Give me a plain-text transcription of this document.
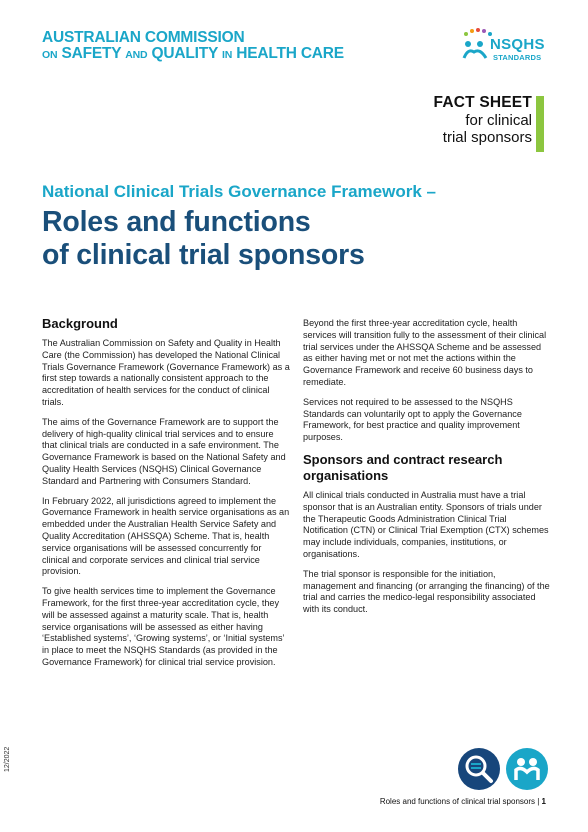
AUSTRALIAN COMMISSION
ON SAFETY AND QUALITY IN HEALTH CARE
NSQHS
STANDARDS
FACT SHEET
for clinical
trial sponsors
National Clinical Trials Governance Framework –
Roles and functions
of clinical trial sponsors
Background

The Australian Commission on Safety and Quality in Health Care (the Commission) has developed the National Clinical Trials Governance Framework (Governance Framework) as a first step towards a nationally consistent approach to the accreditation of health services for the conduct of clinical trials.

The aims of the Governance Framework are to support the delivery of high-quality clinical trial services and to ensure that clinical trials are conducted in a safe environment. The Governance Framework is based on the National Safety and Quality Health Services (NSQHS) Clinical Governance Standard and Partnering with Consumers Standard.

In February 2022, all jurisdictions agreed to implement the Governance Framework in health service organisations as an embedded under the Australian Health Service Safety and Quality Accreditation (AHSSQA) Scheme. That is, health service organisations will be assessed concurrently for clinical and corporate services and clinical trial service provision.

To give health services time to implement the Governance Framework, for the first three-year accreditation cycle, they will be assessed against a maturity scale. That is, health service organisations will be assessed as either having ‘Established systems’, ‘Growing systems’, or ‘Initial systems’ in place to meet the NSQHS Standards (as provided in the Governance Framework) for clinical trial service provision.

Beyond the first three-year accreditation cycle, health services will transition fully to the assessment of their clinical trial services under the AHSSQA Scheme and be assessed as either having met or not met the actions within the Governance Framework and receive 60 business days to remediate.

Services not required to be assessed to the NSQHS Standards can voluntarily opt to apply the Governance Framework, for best practice and quality improvement purposes.

Sponsors and contract research organisations

All clinical trials conducted in Australia must have a trial sponsor that is an Australian entity. Sponsors of trials under the Therapeutic Goods Administration Clinical Trial Notification (CTN) or Clinical Trial Exemption (CTX) schemes may include individuals, companies, institutions, or organisations.

The trial sponsor is responsible for the initiation, management and financing (or arranging the financing) of the trial and carries the medico-legal responsibility associated with its conduct.

12/2022
Roles and functions of clinical trial sponsors | 1
